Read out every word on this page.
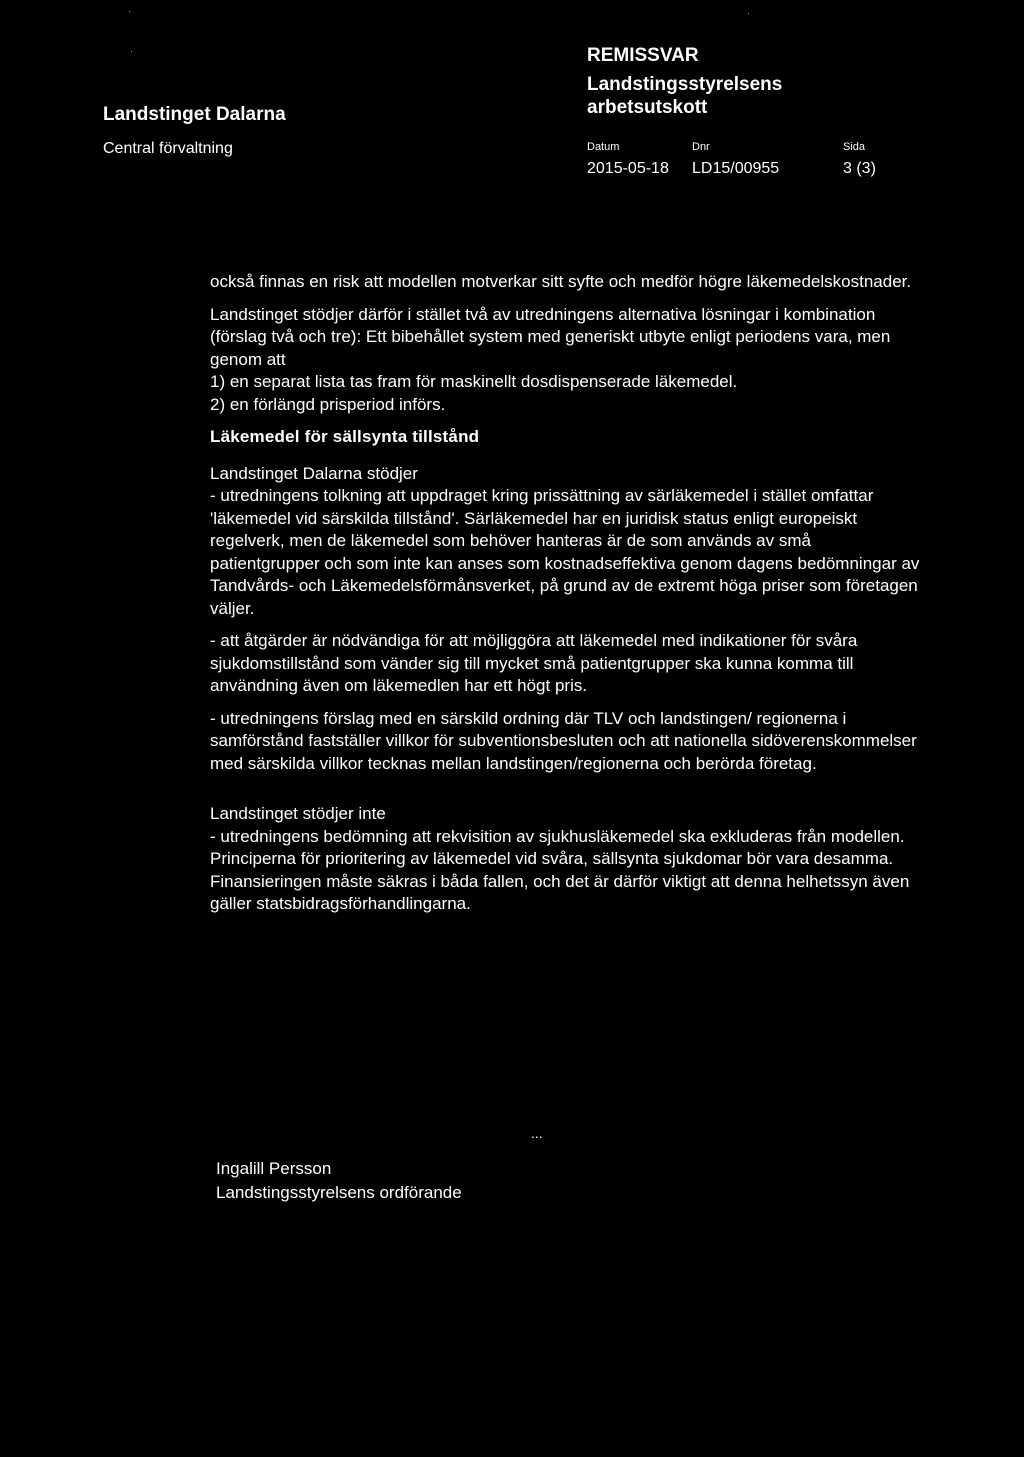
·	·
·
Landstinget Dalarna
Central förvaltning
REMISSVAR
Landstingsstyrelsens arbetsutskott
Datum	Dnr	Sida
2015-05-18 LD15/00955	3 (3)

också finnas en risk att modellen motverkar sitt syfte och medför högre läkemedelskostnader.

Landstinget stödjer därför i stället två av utredningens alternativa lösningar i kombination (förslag två och tre): Ett bibehållet system med generiskt utbyte enligt periodens vara, men genom att

1) en separat lista tas fram för maskinellt dosdispenserade läkemedel.

2) en förlängd prisperiod införs.

Läkemedel för sällsynta tillstånd

Landstinget Dalarna stödjer

- utredningens tolkning att uppdraget kring prissättning av särläkemedel i stället omfattar 'läkemedel vid särskilda tillstånd'. Särläkemedel har en juridisk status enligt europeiskt regelverk, men de läkemedel som behöver hanteras är de som används av små patientgrupper och som inte kan anses som kostnadseffektiva genom dagens bedömningar av Tandvårds- och Läkemedelsförmånsverket, på grund av de extremt höga priser som företagen väljer.

- att åtgärder är nödvändiga för att möjliggöra att läkemedel med indikationer för svåra sjukdomstillstånd som vänder sig till mycket små patientgrupper ska kunna komma till användning även om läkemedlen har ett högt pris.

- utredningens förslag med en särskild ordning där TLV och landstingen/ regionerna i samförstånd fastställer villkor för subventionsbesluten och att nationella sidöverenskommelser med särskilda villkor tecknas mellan landstingen/regionerna och berörda företag.

Landstinget stödjer inte

- utredningens bedömning att rekvisition av sjukhusläkemedel ska exkluderas från modellen. Principerna för prioritering av läkemedel vid svåra, sällsynta sjukdomar bör vara desamma. Finansieringen måste säkras i båda fallen, och det är därför viktigt att denna helhetssyn även gäller statsbidragsförhandlingarna.

...
Ingalill Persson
Landstingsstyrelsens ordförande
